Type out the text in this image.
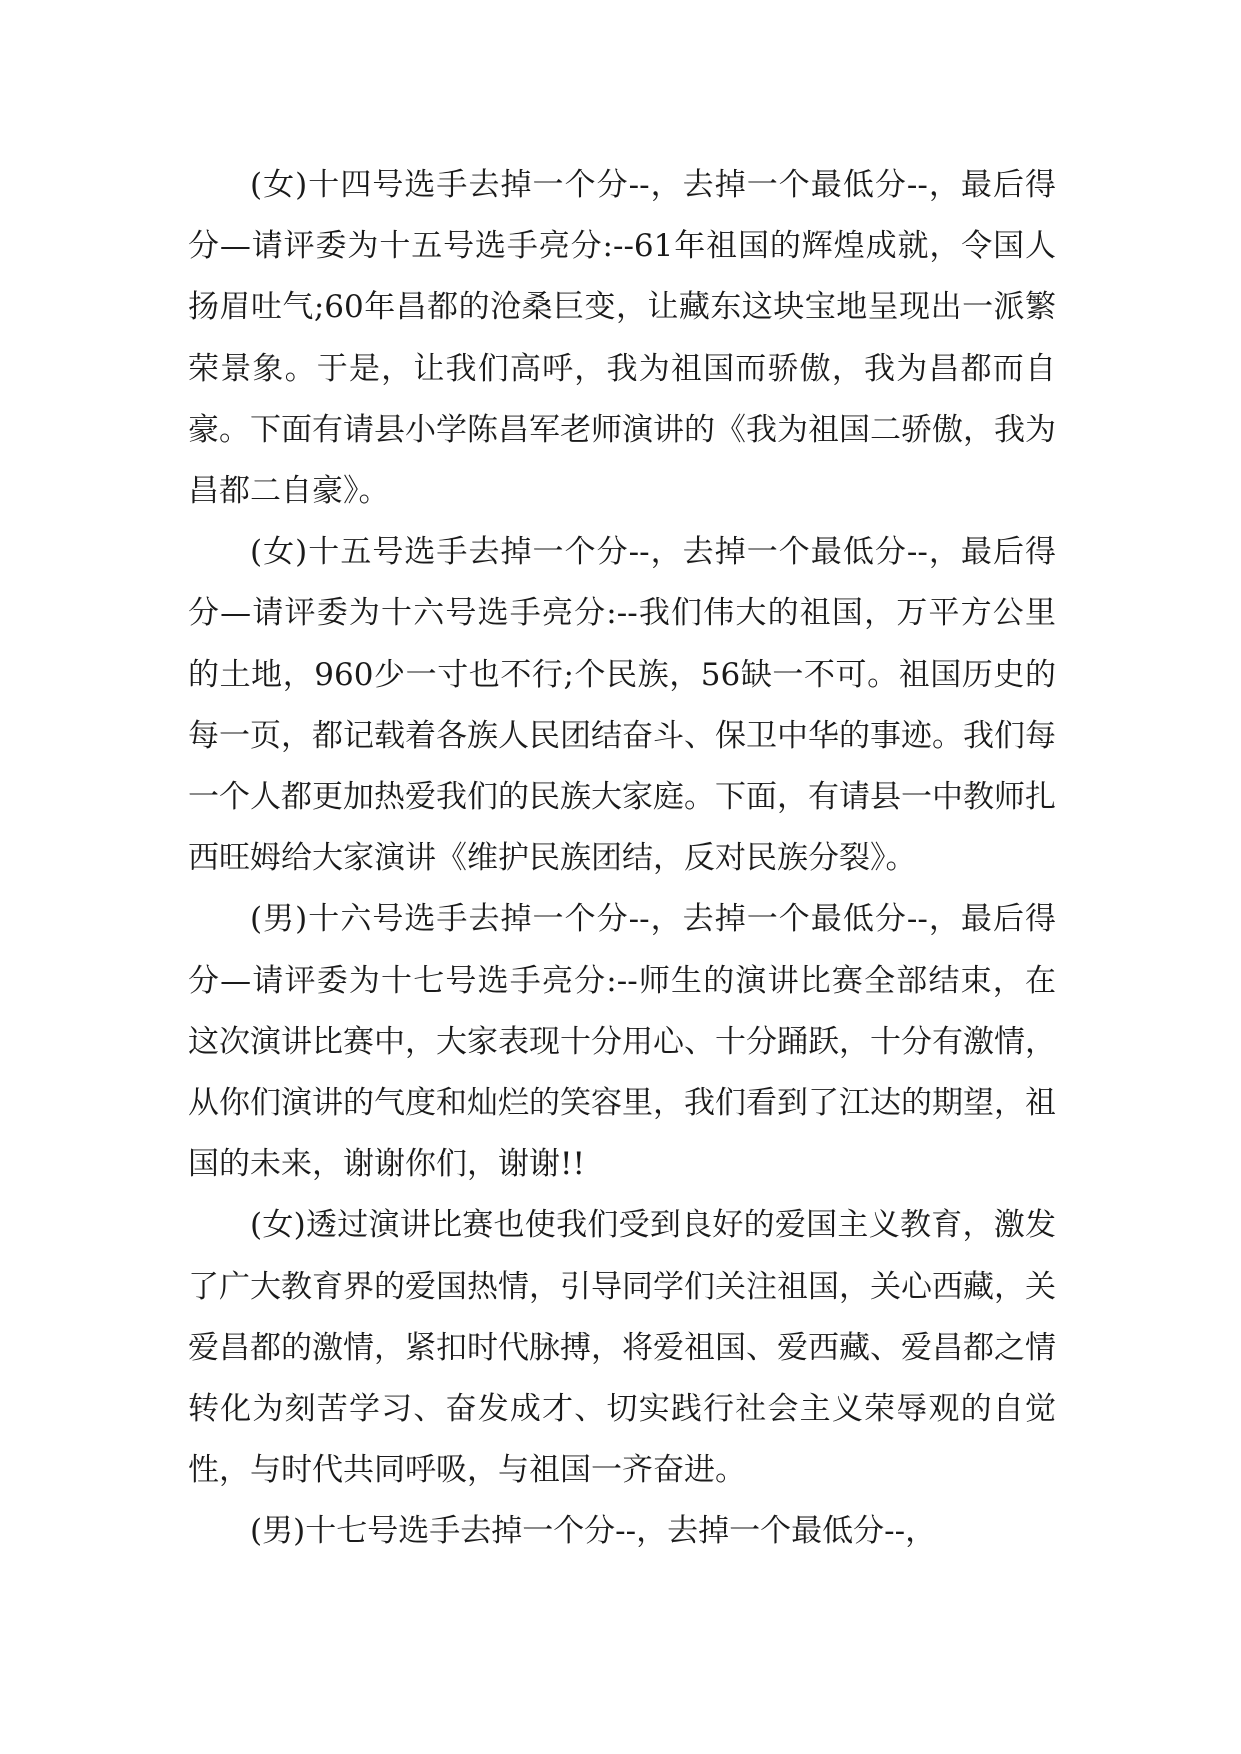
(女)十四号选手去掉一个分--，去掉一个最低分--，最后得分—请评委为十五号选手亮分:--61年祖国的辉煌成就，令国人扬眉吐气;60年昌都的沧桑巨变，让藏东这块宝地呈现出一派繁荣景象。于是，让我们高呼，我为祖国而骄傲，我为昌都而自豪。下面有请县小学陈昌军老师演讲的《我为祖国二骄傲，我为昌都二自豪》。

(女)十五号选手去掉一个分--，去掉一个最低分--，最后得分—请评委为十六号选手亮分:--我们伟大的祖国，万平方公里的土地，960少一寸也不行;个民族，56缺一不可。祖国历史的每一页，都记载着各族人民团结奋斗、保卫中华的事迹。我们每一个人都更加热爱我们的民族大家庭。下面，有请县一中教师扎西旺姆给大家演讲《维护民族团结，反对民族分裂》。

(男)十六号选手去掉一个分--，去掉一个最低分--，最后得分—请评委为十七号选手亮分:--师生的演讲比赛全部结束，在这次演讲比赛中，大家表现十分用心、十分踊跃，十分有激情，从你们演讲的气度和灿烂的笑容里，我们看到了江达的期望，祖国的未来，谢谢你们，谢谢!!

(女)透过演讲比赛也使我们受到良好的爱国主义教育，激发了广大教育界的爱国热情，引导同学们关注祖国，关心西藏，关爱昌都的激情，紧扣时代脉搏，将爱祖国、爱西藏、爱昌都之情转化为刻苦学习、奋发成才、切实践行社会主义荣辱观的自觉性，与时代共同呼吸，与祖国一齐奋进。

(男)十七号选手去掉一个分--，去掉一个最低分--，
